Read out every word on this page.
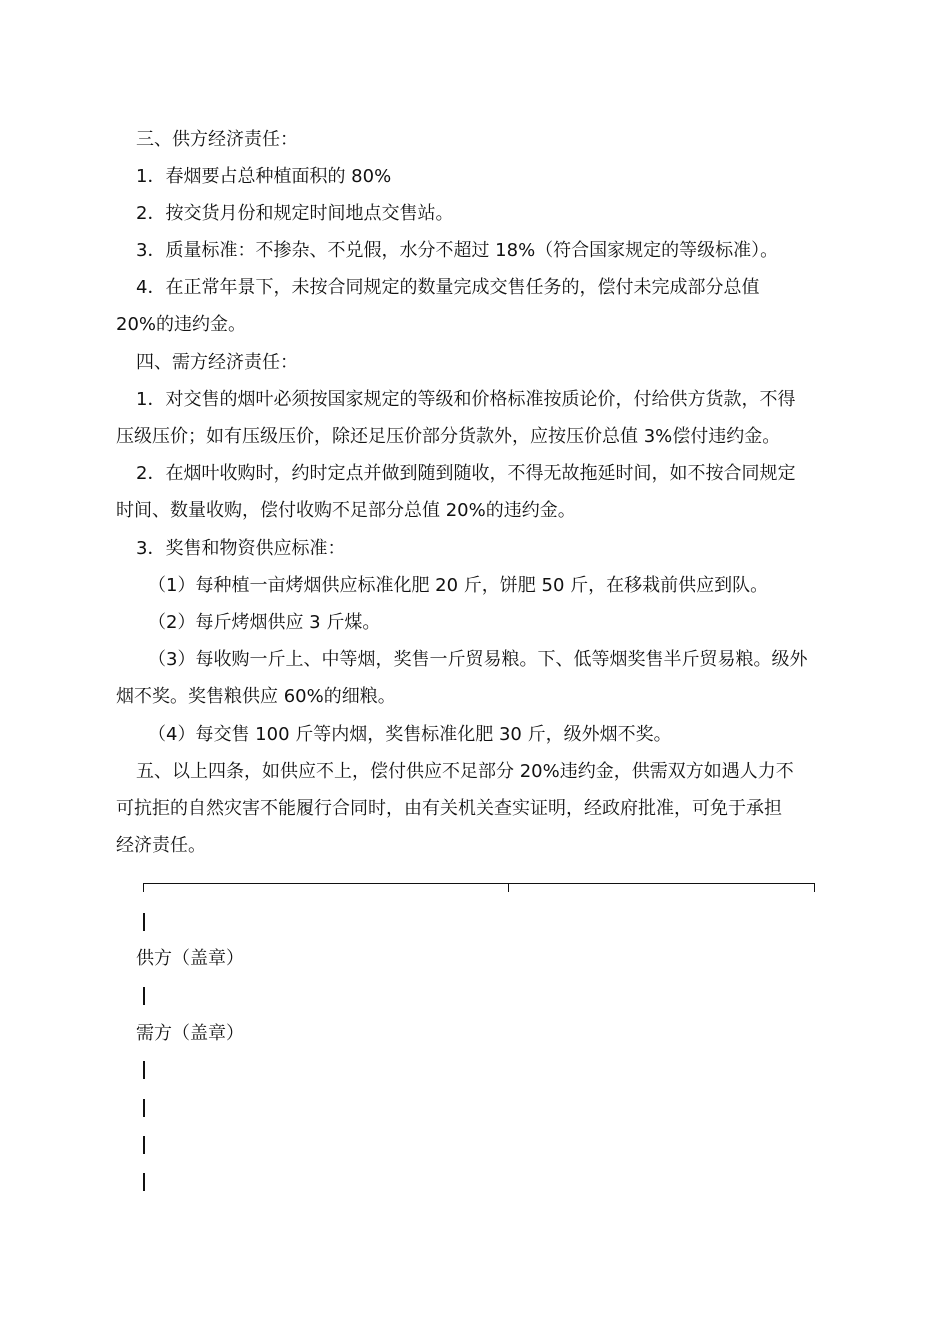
三、供方经济责任：
1．春烟要占总种植面积的 80%
2．按交货月份和规定时间地点交售站。
3．质量标准：不掺杂、不兑假，水分不超过 18%（符合国家规定的等级标准）。
4．在正常年景下，未按合同规定的数量完成交售任务的，偿付未完成部分总值
20%的违约金。
四、需方经济责任：
1．对交售的烟叶必须按国家规定的等级和价格标准按质论价，付给供方货款，不得
压级压价；如有压级压价，除还足压价部分货款外，应按压价总值 3%偿付违约金。
2．在烟叶收购时，约时定点并做到随到随收，不得无故拖延时间，如不按合同规定
时间、数量收购，偿付收购不足部分总值 20%的违约金。
3．奖售和物资供应标准：
（1）每种植一亩烤烟供应标准化肥 20 斤，饼肥 50 斤，在移栽前供应到队。
（2）每斤烤烟供应 3 斤煤。
（3）每收购一斤上、中等烟，奖售一斤贸易粮。下、低等烟奖售半斤贸易粮。级外
烟不奖。奖售粮供应 60%的细粮。
（4）每交售 100 斤等内烟，奖售标准化肥 30 斤，级外烟不奖。
五、以上四条，如供应不上，偿付供应不足部分 20%违约金，供需双方如遇人力不
可抗拒的自然灾害不能履行合同时，由有关机关查实证明，经政府批准，可免于承担
经济责任。
供方（盖章）
需方（盖章）
